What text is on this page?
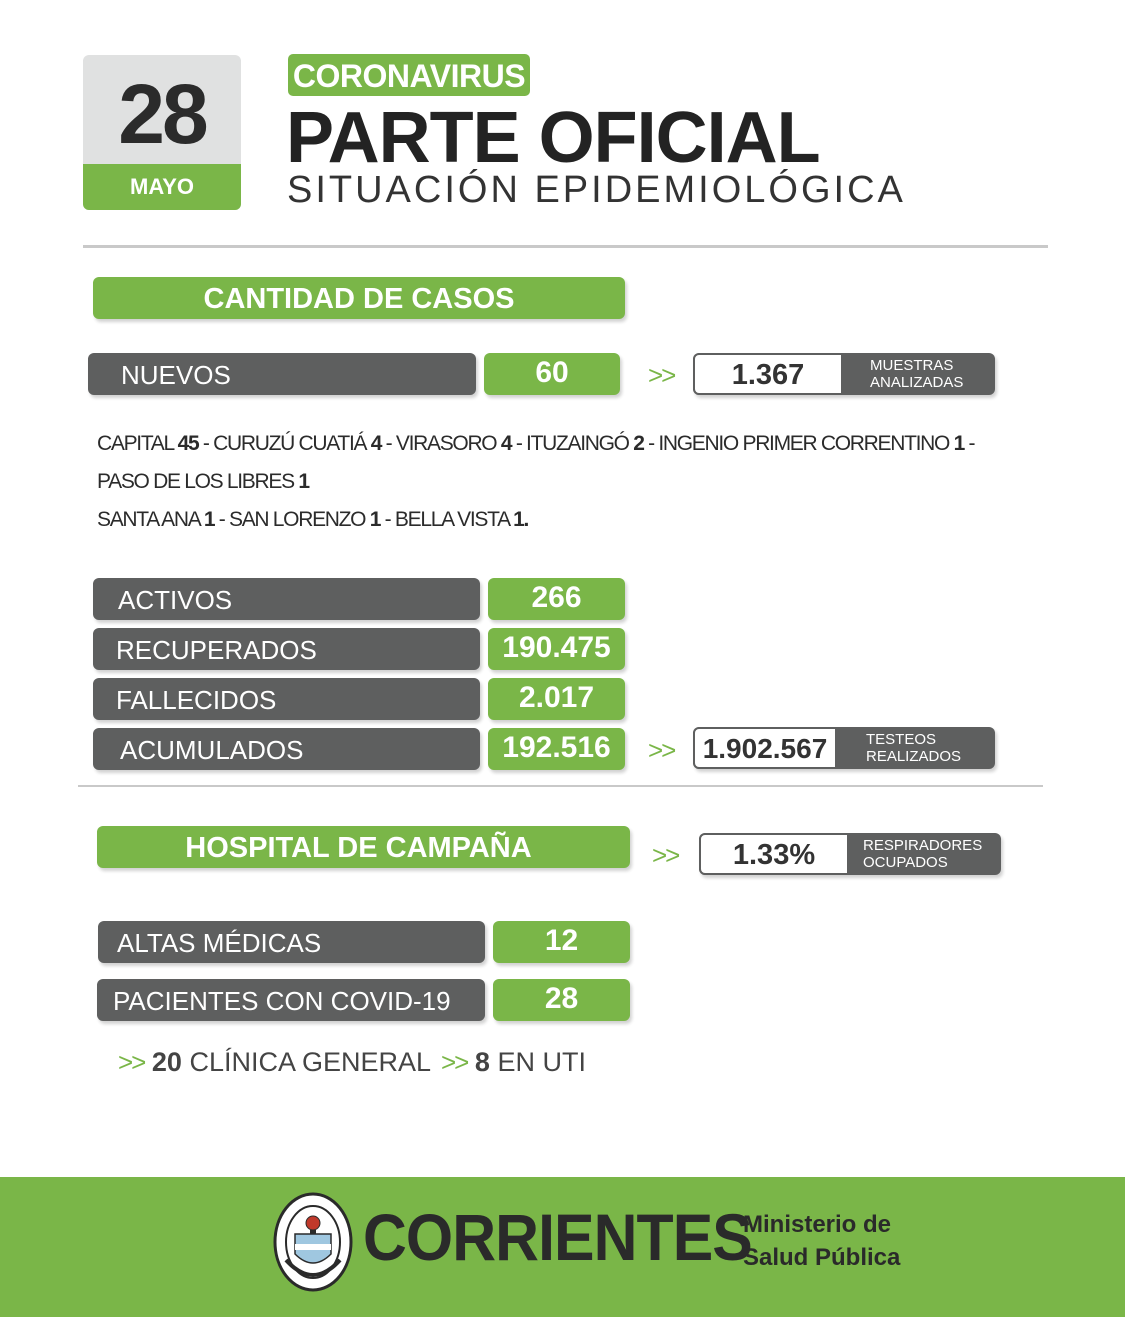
28
MAYO
CORONAVIRUS
PARTE OFICIAL
SITUACIÓN EPIDEMIOLÓGICA
CANTIDAD DE CASOS
NUEVOS	60	>>	1.367	MUESTRAS
ANALIZADAS
CAPITAL 45 - CURUZÚ CUATIÁ 4 - VIRASORO 4 - ITUZAINGÓ 2 - INGENIO PRIMER CORRENTINO 1 - PASO DE LOS LIBRES 1
SANTA ANA 1 - SAN LORENZO 1 - BELLA VISTA 1.
ACTIVOS	266
RECUPERADOS	190.475
FALLECIDOS	2.017
ACUMULADOS	192.516	>>	1.902.567	TESTEOS
REALIZADOS
HOSPITAL DE CAMPAÑA	>>	1.33%	RESPIRADORES
OCUPADOS
ALTAS MÉDICAS	12
PACIENTES CON COVID-19	28
>> 20 CLÍNICA GENERAL >> 8 EN UTI
CORRIENTES
Ministerio de
Salud Pública
